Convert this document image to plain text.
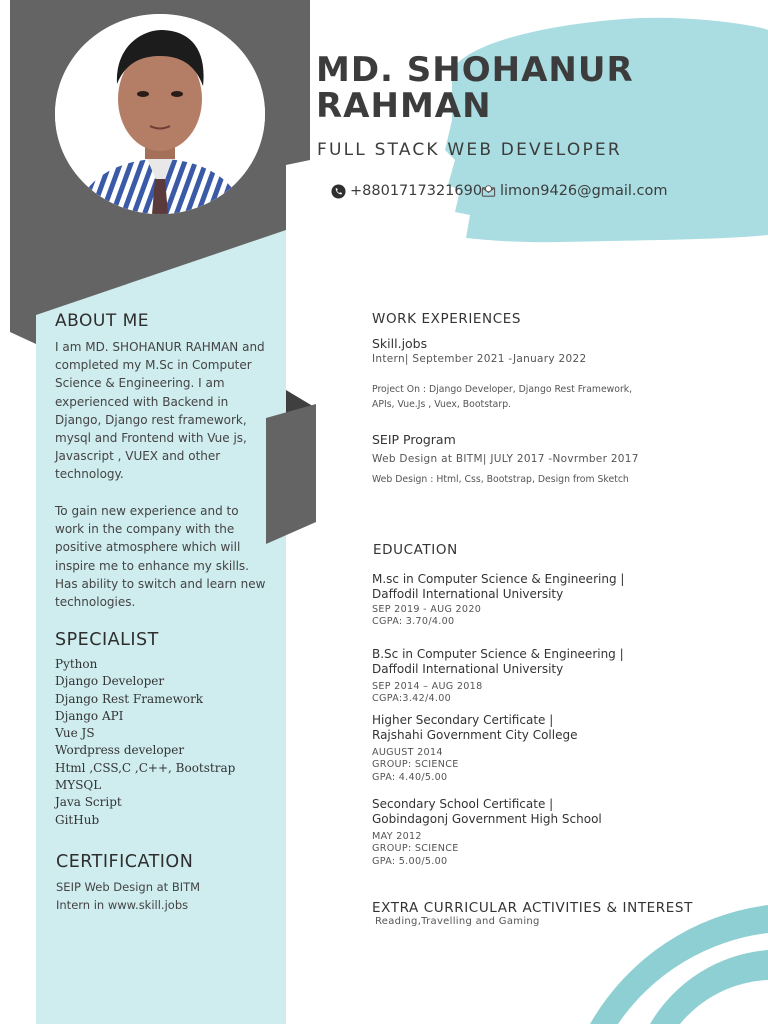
MD. SHOHANUR
RAHMAN
FULL STACK WEB DEVELOPER
+8801717321690 limon9426@gmail.com
ABOUT ME
I am MD. SHOHANUR RAHMAN and completed my M.Sc in Computer Science & Engineering. I am experienced with Backend in Django, Django rest framework, mysql and Frontend with Vue js, Javascript , VUEX and other technology.
To gain new experience and to work in the company with the positive atmosphere which will inspire me to enhance my skills. Has ability to switch and learn new technologies.
SPECIALIST
Python
Django Developer
Django Rest Framework
Django API
Vue JS
Wordpress developer
Html ,CSS,C ,C++, Bootstrap
MYSQL
Java Script
GitHub
CERTIFICATION
SEIP Web Design at BITM
Intern in www.skill.jobs
WORK EXPERIENCES
Skill.jobs
Intern| September 2021 -January 2022
Project On : Django Developer, Django Rest Framework,
APIs, Vue.Js , Vuex, Bootstarp.
SEIP Program
Web Design at BITM| JULY 2017 -Novrmber 2017
Web Design : Html, Css, Bootstrap, Design from Sketch
EDUCATION
M.sc in Computer Science & Engineering |
Daffodil International University
SEP 2019 - AUG 2020
CGPA: 3.70/4.00
B.Sc in Computer Science & Engineering |
Daffodil International University
SEP 2014 – AUG 2018
CGPA:3.42/4.00
Higher Secondary Certificate |
Rajshahi Government City College
AUGUST 2014
GROUP: SCIENCE
GPA: 4.40/5.00
Secondary School Certificate |
Gobindagonj Government High School
MAY 2012
GROUP: SCIENCE
GPA: 5.00/5.00
EXTRA CURRICULAR ACTIVITIES & INTEREST
Reading,Travelling and Gaming
